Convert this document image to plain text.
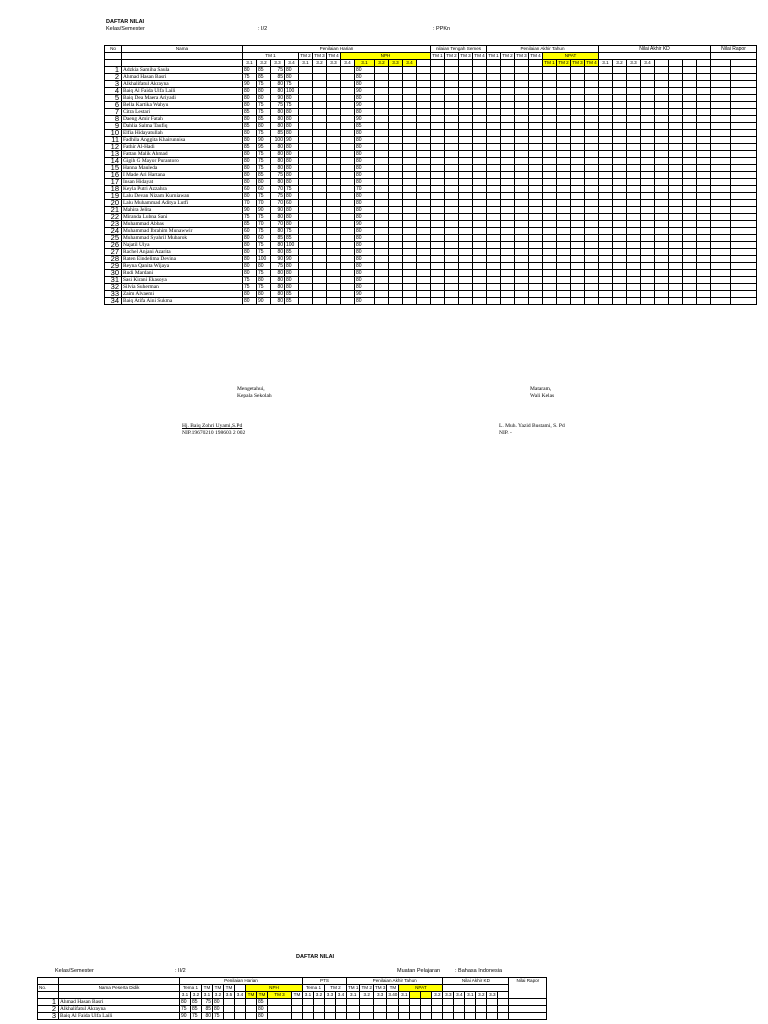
DAFTAR NILAI
Kelas/Semester	: I/2	: PPKn
No	Nama	Penilaian Harian													nilaian Tengah Semes				Penilaian Akhir Tahun								Nilai Akhir KD								Nilai Rapor	
		TM 1				TM 2	TM 3	TM 4	NPH						TM 1	TM 2	TM 3	TM 4	TM 1	TM 2	TM 3	TM 4	NPAT													
		3.1	3.2	3.3	3.4	3.1	3.2	3.3	3.4	3.1	3.2	3.3	3.4										TM 1	TM 2	TM 3	TM 4	3.1	3.2	3.3	3.4						
1	Adzkia Samiha Saula	80	85	75	80					80																										
2	Ahmad Hasan Basri	75	85	85	80					80																										
3	Alkhalifatul Akrayna	90	75	80	75					80																										
4	Baiq Al Faida Ulfa Laili	80	80	80	100					90																										
5	Baiq Dea Maera Ariyadi	80	80	90	80					80																										
6	Bella Kartika Wahyu	80	75	75	75					90																										
7	Citra Lestari	85	75	80	80					80																										
8	Daeng Amir Fatah	80	85	80	80					90																										
9	Dahlia Salma Taufiq	85	80	80	80					85																										
10	Elfia Hidayatullah	80	75	85	80					80																										
11	Fadhila Anggita Khairunnisa	80	90	100	90					80																										
12	Fathir Al-Hadi	85	95	80	80					80																										
13	Fattan Malik Ahmad	80	75	80	80					80																										
14	Gigih G Mayor Purantoro	80	75	80	80					80																										
15	Hanna Mauleda	80	75	80	80					80																										
16	I Made Ari Hartana	80	85	75	80					80																										
17	Insan Hidayat	80	80	80	80					80																										
18	Keyla Putri Azzahra	60	60	70	75					70																										
19	Lalu Devan Nizam Kurniawan	80	75	75	80					80																										
20	Lalu Muhammad Aditya Lutfi	70	70	70	60					80																										
21	Mahira Jelita	90	90	90	80					80																										
22	Miranda Lubna Sani	75	75	80	80					80																										
23	Muhammad Abbas	85	70	70	80					90																										
24	Muhammad Ibrahim Munawwir	60	75	80	75					80																										
25	Muhammad Syahril Mubarok	80	60	85	85					80																										
26	Najatil Ulya	80	75	80	100					80																										
27	Rachel Anjani Azarita	80	75	80	85					80																										
28	Raten Eindelima Devina	80	100	90	90					80																										
29	Reyna Qanita Wijaya	80	80	75	80					80																										
30	Rudi Mardani	80	75	80	80					80																										
31	Sasi Kirani Ekasoya	75	80	80	80					80																										
32	Silvia Suherman	75	75	80	80					80																										
33	Zaim Alvaemi	80	80	80	85					90																										
34	Baiq Atifa Aini Sukma	80	90	80	85					80																										
Mengetahui,
Kepala Sekolah
Mataram,
Wali Kelas
Hj. Baiq Zohri Uyami,S.Pd
NIP.19670210 198603 2 002
L. Muh. Yazid Bustami, S. Pd
NIP. -
DAFTAR NILAI
Kelas/Semester	: II/2	Muatan Pelajaran	: Bahasa Indonesia
		Penilaian Harian										PTS				Penilaian Akhir Tahun								Nilai Akhir KD						Nilai Rapor
No.	Nama Peserta Didik	Tema 1		TM	TM	TM		NPH				Tema 1		TM 2		TM 1	TM 2	TM 3	TM	NPAT										
		3.1	3.2	3.1	3.2	3.5	3.4	TM	TM	TM 3	TM	3.1	3.2	3.3	3.4	3.1	3.2	3.3	3.40	3.1			3.2	3.3	3.4	3.1	3.2	3.3		
1	Ahmad Hasan Basri	80	85	75	80				85																					
2	Alkhalifatul Akrayna	75	85	85	80				80																					
3	Baiq Al Faida Ulfa Laili	90	75	80	75				80																					
